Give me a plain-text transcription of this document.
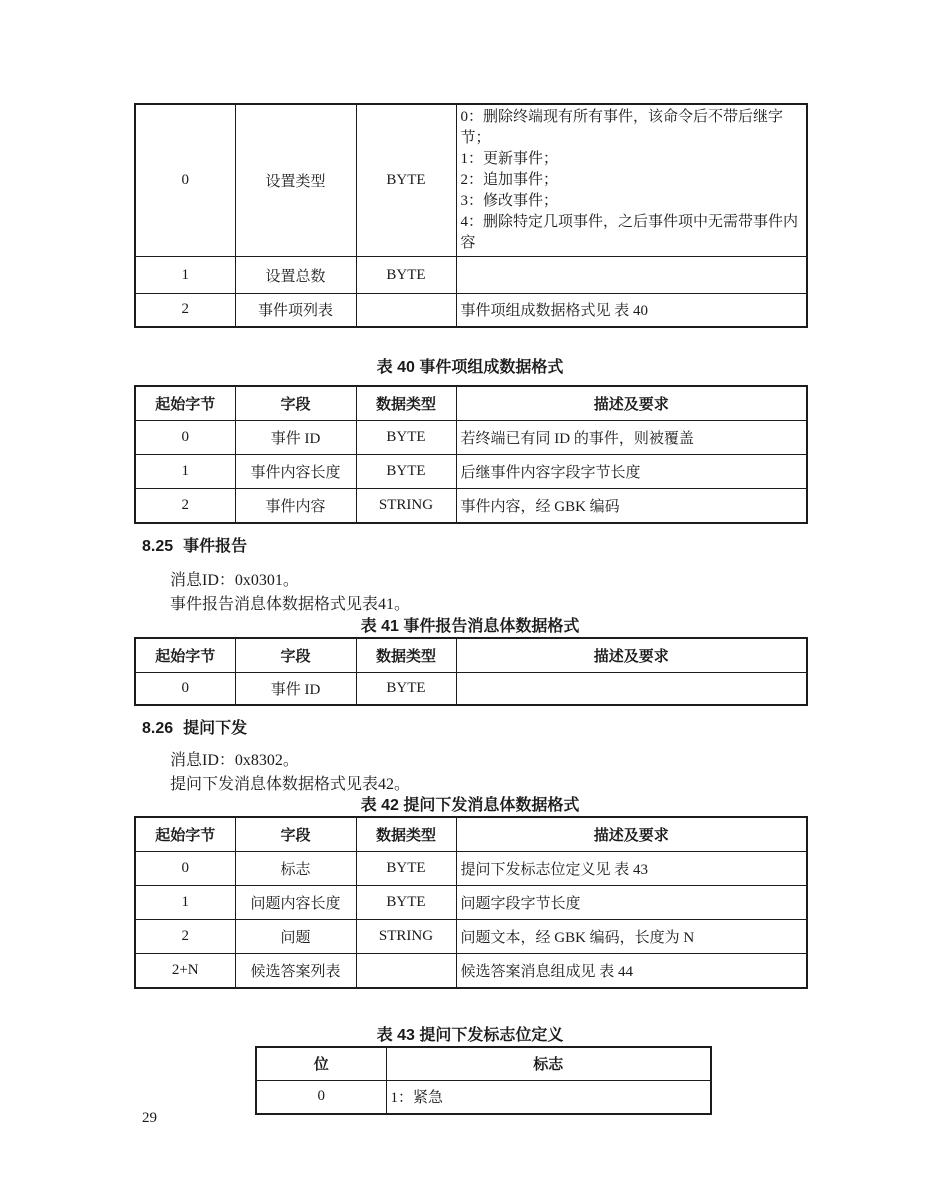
0	设置类型	BYTE	0：删除终端现有所有事件，该命令后不带后继字节；
1：更新事件；
2：追加事件；
3：修改事件；
4：删除特定几项事件，之后事件项中无需带事件内容

1	设置总数	BYTE	
2	事件项列表		事件项组成数据格式见 表 40
表 40 事件项组成数据格式
起始字节	字段	数据类型	描述及要求
0	事件 ID	BYTE	若终端已有同 ID 的事件，则被覆盖
1	事件内容长度	BYTE	后继事件内容字段字节长度
2	事件内容	STRING	事件内容，经 GBK 编码
8.25 事件报告
消息ID：0x0301。
事件报告消息体数据格式见表41。
表 41 事件报告消息体数据格式
起始字节	字段	数据类型	描述及要求
0	事件 ID	BYTE	
8.26 提问下发
消息ID：0x8302。
提问下发消息体数据格式见表42。
表 42 提问下发消息体数据格式
起始字节	字段	数据类型	描述及要求
0	标志	BYTE	提问下发标志位定义见 表 43
1	问题内容长度	BYTE	问题字段字节长度
2	问题	STRING	问题文本，经 GBK 编码，长度为 N
2+N	候选答案列表		候选答案消息组成见 表 44
表 43 提问下发标志位定义
位	标志
0	1：紧急
29
